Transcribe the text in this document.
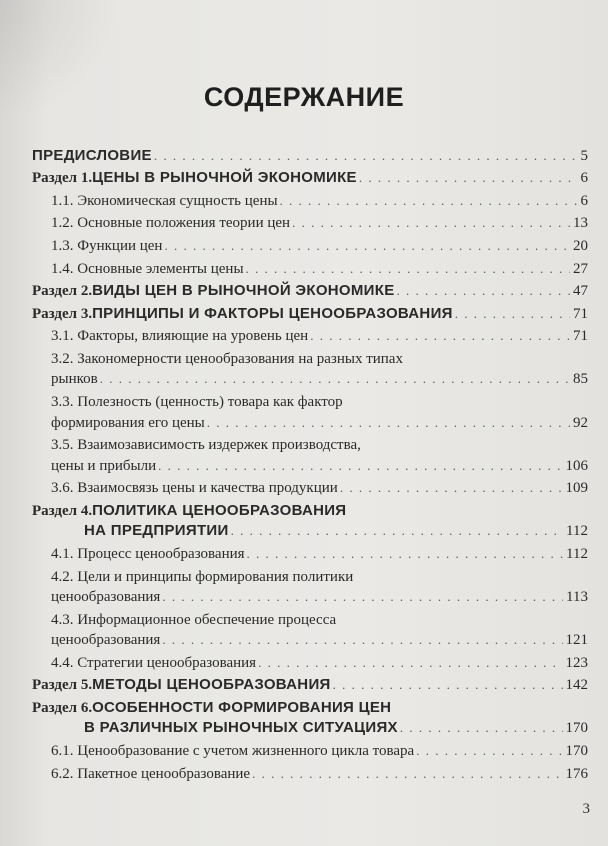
СОДЕРЖАНИЕ
ПРЕДИСЛОВИЕ . . .	5
Раздел 1. ЦЕНЫ В РЫНОЧНОЙ ЭКОНОМИКЕ . . .	6
1.1. Экономическая сущность цены . . .	6
1.2. Основные положения теории цен . . .	13
1.3. Функции цен . . .	20
1.4. Основные элементы цены . . .	27
Раздел 2. ВИДЫ ЦЕН В РЫНОЧНОЙ ЭКОНОМИКЕ . . .	47
Раздел 3. ПРИНЦИПЫ И ФАКТОРЫ ЦЕНООБРАЗОВАНИЯ . . .	71
3.1. Факторы, влияющие на уровень цен . . .	71
3.2. Закономерности ценообразования на разных типах
рынков . . .	85
3.3. Полезность (ценность) товара как фактор
формирования его цены . . .	92
3.5. Взаимозависимость издержек производства,
цены и прибыли . . .	106
3.6. Взаимосвязь цены и качества продукции . . .	109
Раздел 4. ПОЛИТИКА ЦЕНООБРАЗОВАНИЯ
НА ПРЕДПРИЯТИИ . . .	112
4.1. Процесс ценообразования . . .	112
4.2. Цели и принципы формирования политики
ценообразования . . .	113
4.3. Информационное обеспечение процесса
ценообразования . . .	121
4.4. Стратегии ценообразования . . .	123
Раздел 5. МЕТОДЫ ЦЕНООБРАЗОВАНИЯ . . .	142
Раздел 6. ОСОБЕННОСТИ ФОРМИРОВАНИЯ ЦЕН
В РАЗЛИЧНЫХ РЫНОЧНЫХ СИТУАЦИЯХ . . .	170
6.1. Ценообразование с учетом жизненного цикла товара . . .	170
6.2. Пакетное ценообразование . . .	176
3
